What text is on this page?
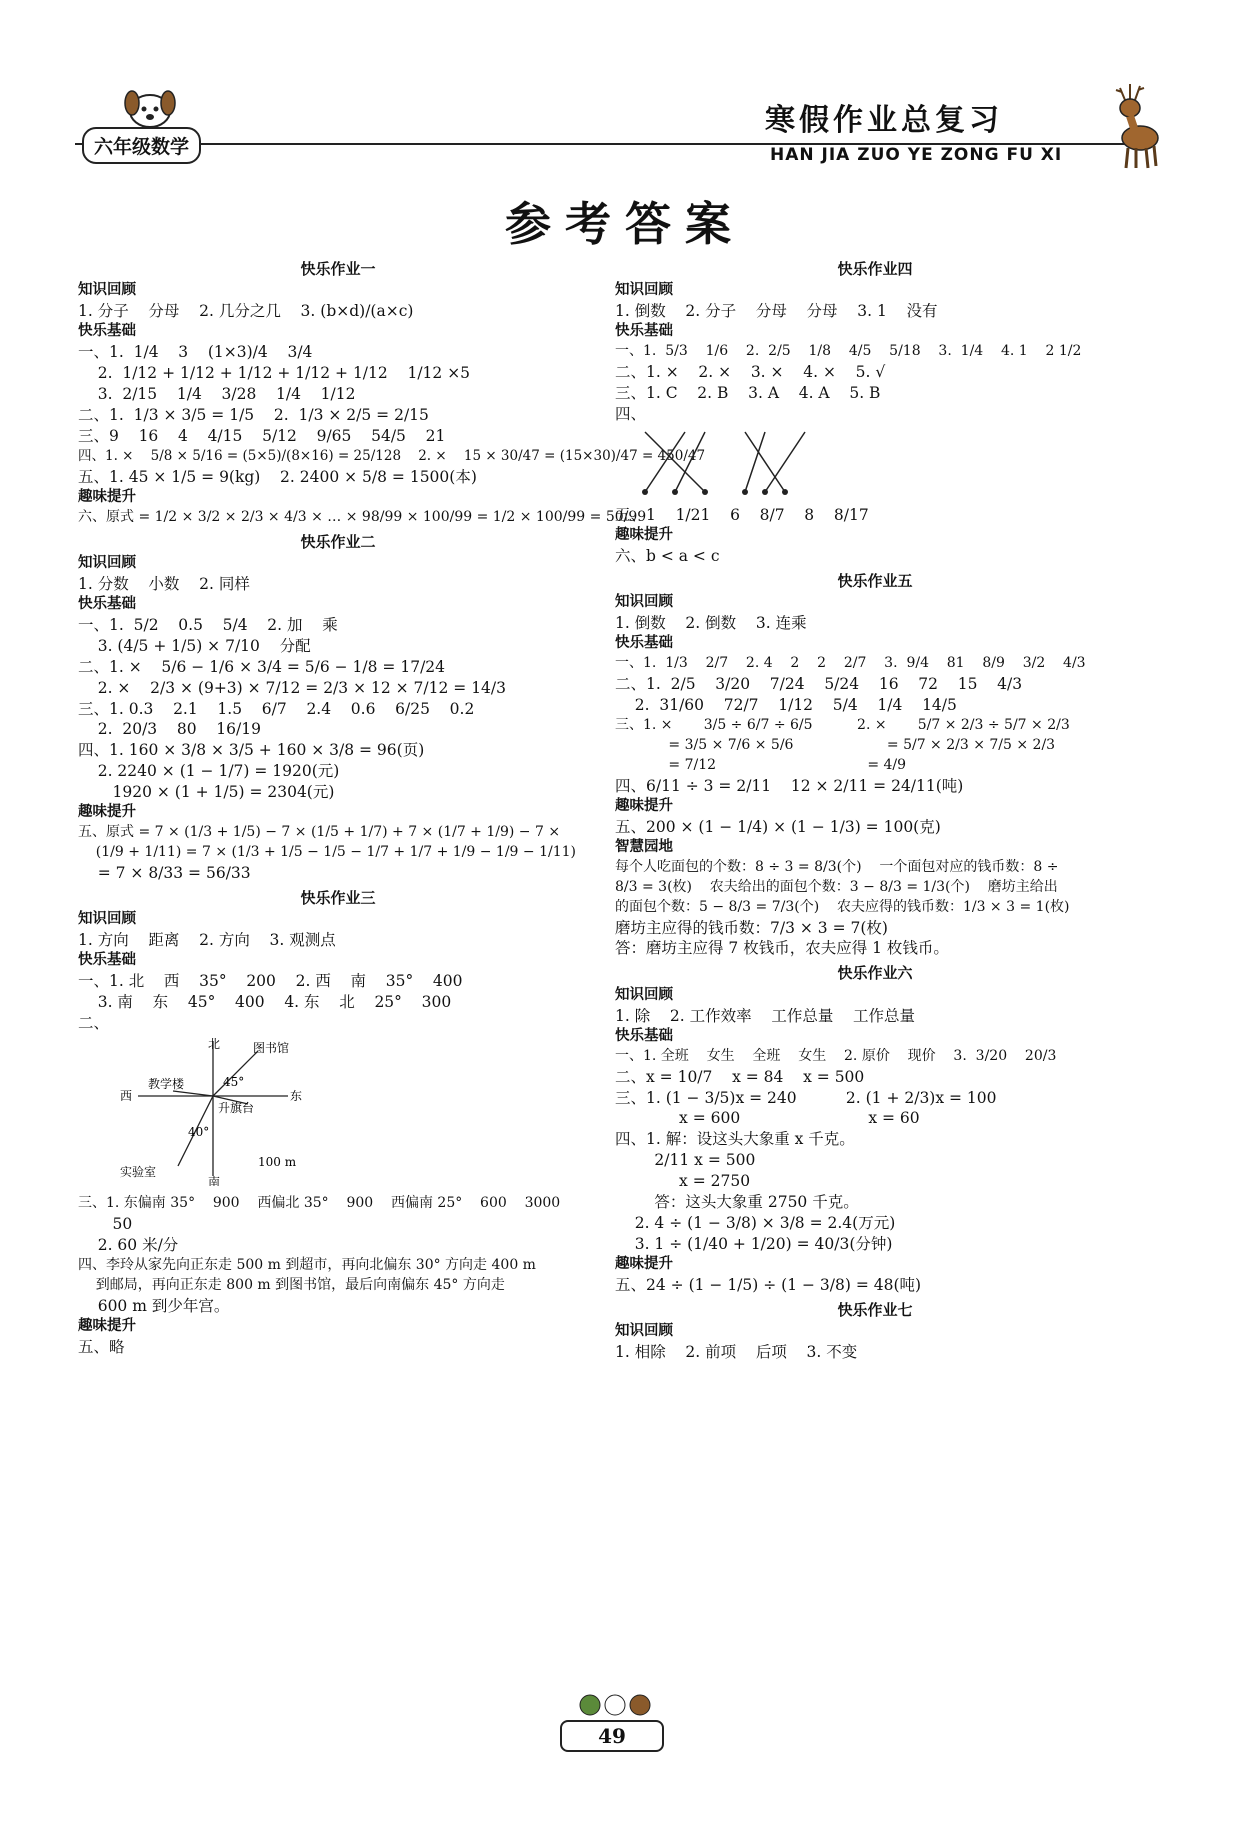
六年级数学
寒假作业总复习
HAN JIA ZUO YE ZONG FU XI
参考答案
快乐作业一
知识回顾
1. 分子    分母    2. 几分之几    3. (b×d)/(a×c)
快乐基础
一、1.  1/4    3    (1×3)/4    3/4
2.  1/12 + 1/12 + 1/12 + 1/12 + 1/12    1/12 ×5
3.  2/15    1/4    3/28    1/4    1/12
二、1.  1/3 × 3/5 = 1/5    2.  1/3 × 2/5 = 2/15
三、9    16    4    4/15    5/12    9/65    54/5    21
四、1. ×    5/8 × 5/16 = (5×5)/(8×16) = 25/128    2. ×    15 × 30/47 = (15×30)/47 = 450/47
五、1. 45 × 1/5 = 9(kg)    2. 2400 × 5/8 = 1500(本)
趣味提升
六、原式 = 1/2 × 3/2 × 2/3 × 4/3 × … × 98/99 × 100/99 = 1/2 × 100/99 = 50/99
快乐作业二
知识回顾
1. 分数    小数    2. 同样
快乐基础
一、1.  5/2    0.5    5/4    2. 加    乘
3. (4/5 + 1/5) × 7/10    分配
二、1. ×    5/6 − 1/6 × 3/4 = 5/6 − 1/8 = 17/24
2. ×    2/3 × (9+3) × 7/12 = 2/3 × 12 × 7/12 = 14/3
三、1. 0.3    2.1    1.5    6/7    2.4    0.6    6/25    0.2
2.  20/3    80    16/19
四、1. 160 × 3/8 × 3/5 + 160 × 3/8 = 96(页)
2. 2240 × (1 − 1/7) = 1920(元)
1920 × (1 + 1/5) = 2304(元)
趣味提升
五、原式 = 7 × (1/3 + 1/5) − 7 × (1/5 + 1/7) + 7 × (1/7 + 1/9) − 7 ×
(1/9 + 1/11) = 7 × (1/3 + 1/5 − 1/5 − 1/7 + 1/7 + 1/9 − 1/9 − 1/11)
= 7 × 8/33 = 56/33
快乐作业三
知识回顾
1. 方向    距离    2. 方向    3. 观测点
快乐基础
一、1. 北    西    35°    200    2. 西    南    35°    400
3. 南    东    45°    400    4. 东    北    25°    300
二、
北
南
东
西
图书馆
教学楼
升旗台
实验室
45°
40°
100 m
三、1. 东偏南 35°    900    西偏北 35°    900    西偏南 25°    600    3000
50
2. 60 米/分
四、李玲从家先向正东走 500 m 到超市，再向北偏东 30° 方向走 400 m
到邮局，再向正东走 800 m 到图书馆，最后向南偏东 45° 方向走
600 m 到少年宫。
趣味提升
五、略
快乐作业四
知识回顾
1. 倒数    2. 分子    分母    分母    3. 1    没有
快乐基础
一、1.  5/3    1/6    2.  2/5    1/8    4/5    5/18    3.  1/4    4. 1    2 1/2
二、1. ×    2. ×    3. ×    4. ×    5. √
三、1. C    2. B    3. A    4. A    5. B
四、
五、1    1/21    6    8/7    8    8/17
趣味提升
六、b < a < c
快乐作业五
知识回顾
1. 倒数    2. 倒数    3. 连乘
快乐基础
一、1.  1/3    2/7    2. 4    2    2    2/7    3.  9/4    81    8/9    3/2    4/3
二、1.  2/5    3/20    7/24    5/24    16    72    15    4/3
2.  31/60    72/7    1/12    5/4    1/4    14/5
三、1. ×       3/5 ÷ 6/7 ÷ 6/5          2. ×       5/7 × 2/3 ÷ 5/7 × 2/3
= 3/5 × 7/6 × 5/6                     = 5/7 × 2/3 × 7/5 × 2/3
= 7/12                                  = 4/9
四、6/11 ÷ 3 = 2/11    12 × 2/11 = 24/11(吨)
趣味提升
五、200 × (1 − 1/4) × (1 − 1/3) = 100(克)
智慧园地
每个人吃面包的个数：8 ÷ 3 = 8/3(个)    一个面包对应的钱币数：8 ÷
8/3 = 3(枚)    农夫给出的面包个数：3 − 8/3 = 1/3(个)    磨坊主给出
的面包个数：5 − 8/3 = 7/3(个)    农夫应得的钱币数：1/3 × 3 = 1(枚)
磨坊主应得的钱币数：7/3 × 3 = 7(枚)
答：磨坊主应得 7 枚钱币，农夫应得 1 枚钱币。
快乐作业六
知识回顾
1. 除    2. 工作效率    工作总量    工作总量
快乐基础
一、1. 全班    女生    全班    女生    2. 原价    现价    3.  3/20    20/3
二、x = 10/7    x = 84    x = 500
三、1. (1 − 3/5)x = 240          2. (1 + 2/3)x = 100
x = 600                          x = 60
四、1. 解：设这头大象重 x 千克。
2/11 x = 500
x = 2750
答：这头大象重 2750 千克。
2. 4 ÷ (1 − 3/8) × 3/8 = 2.4(万元)
3. 1 ÷ (1/40 + 1/20) = 40/3(分钟)
趣味提升
五、24 ÷ (1 − 1/5) ÷ (1 − 3/8) = 48(吨)
快乐作业七
知识回顾
1. 相除    2. 前项    后项    3. 不变
49
